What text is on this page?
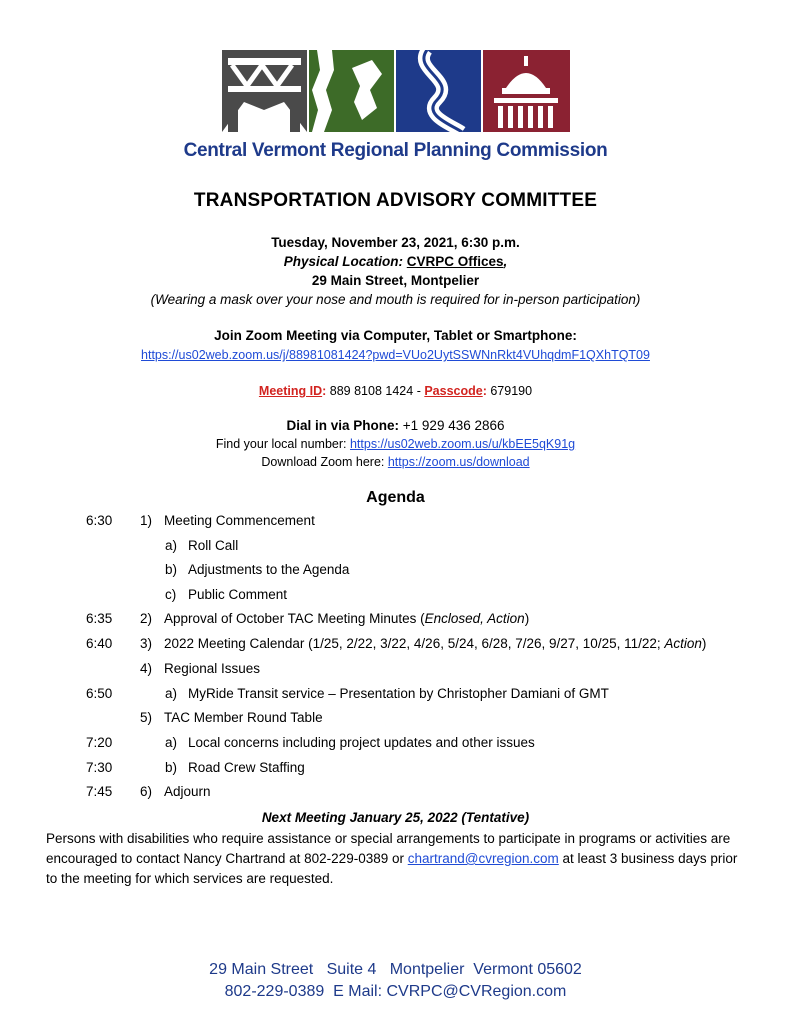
Central Vermont Regional Planning Commission
TRANSPORTATION ADVISORY COMMITTEE
Tuesday, November 23, 2021, 6:30 p.m.
Physical Location: CVRPC Offices,
29 Main Street, Montpelier
(Wearing a mask over your nose and mouth is required for in-person participation)
Join Zoom Meeting via Computer, Tablet or Smartphone:
https://us02web.zoom.us/j/88981081424?pwd=VUo2UytSSWNnRkt4VUhqdmF1QXhTQT09
Meeting ID: 889 8108 1424 - Passcode: 679190
Dial in via Phone: +1 929 436 2866
Find your local number: https://us02web.zoom.us/u/kbEE5qK91g
Download Zoom here: https://zoom.us/download
Agenda
6:30 1) Meeting Commencement
a) Roll Call
b) Adjustments to the Agenda
c) Public Comment
6:35 2) Approval of October TAC Meeting Minutes (Enclosed, Action)
6:40 3) 2022 Meeting Calendar (1/25, 2/22, 3/22, 4/26, 5/24, 6/28, 7/26, 9/27, 10/25, 11/22; Action)
4) Regional Issues
6:50	a) MyRide Transit service – Presentation by Christopher Damiani of GMT
5) TAC Member Round Table
7:20	a) Local concerns including project updates and other issues
7:30	b) Road Crew Staffing
7:45 6) Adjourn
Next Meeting January 25, 2022 (Tentative)
Persons with disabilities who require assistance or special arrangements to participate in programs or activities are
encouraged to contact Nancy Chartrand at 802-229-0389 or chartrand@cvregion.com at least 3 business days prior
to the meeting for which services are requested.
29 Main Street   Suite 4   Montpelier  Vermont 05602
802-229-0389  E Mail: CVRPC@CVRegion.com
